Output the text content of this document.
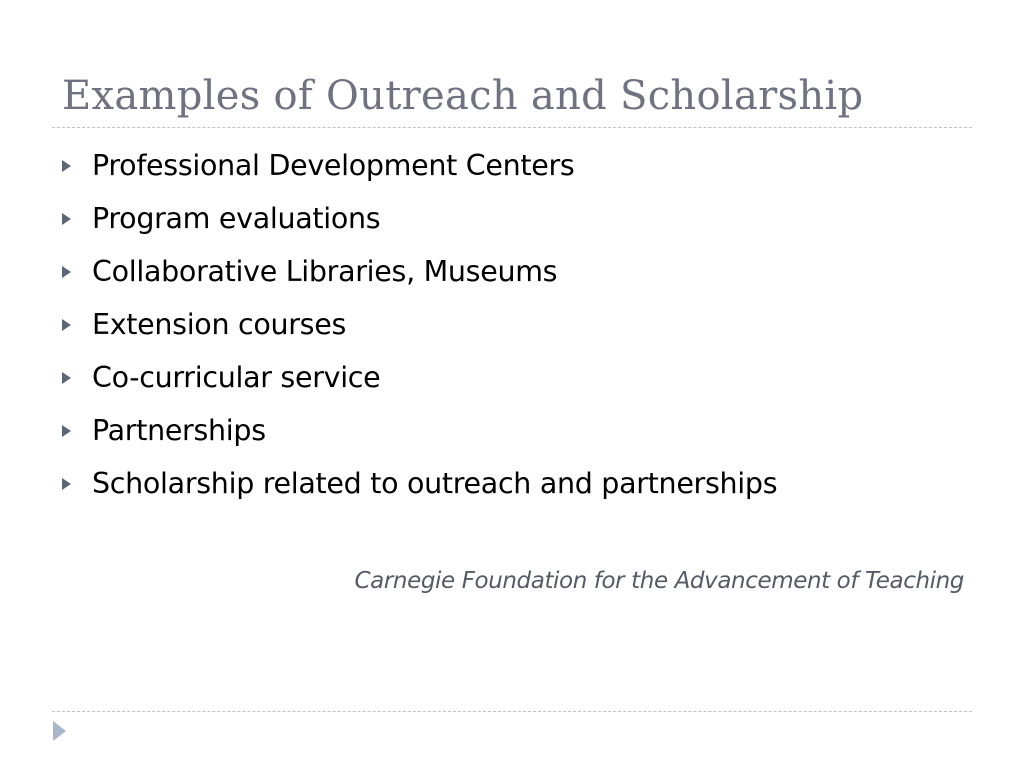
Examples of Outreach and Scholarship
Professional Development Centers
Program evaluations
Collaborative Libraries, Museums
Extension courses
Co-curricular service
Partnerships
Scholarship related to outreach and partnerships

Carnegie Foundation for the Advancement of Teaching
